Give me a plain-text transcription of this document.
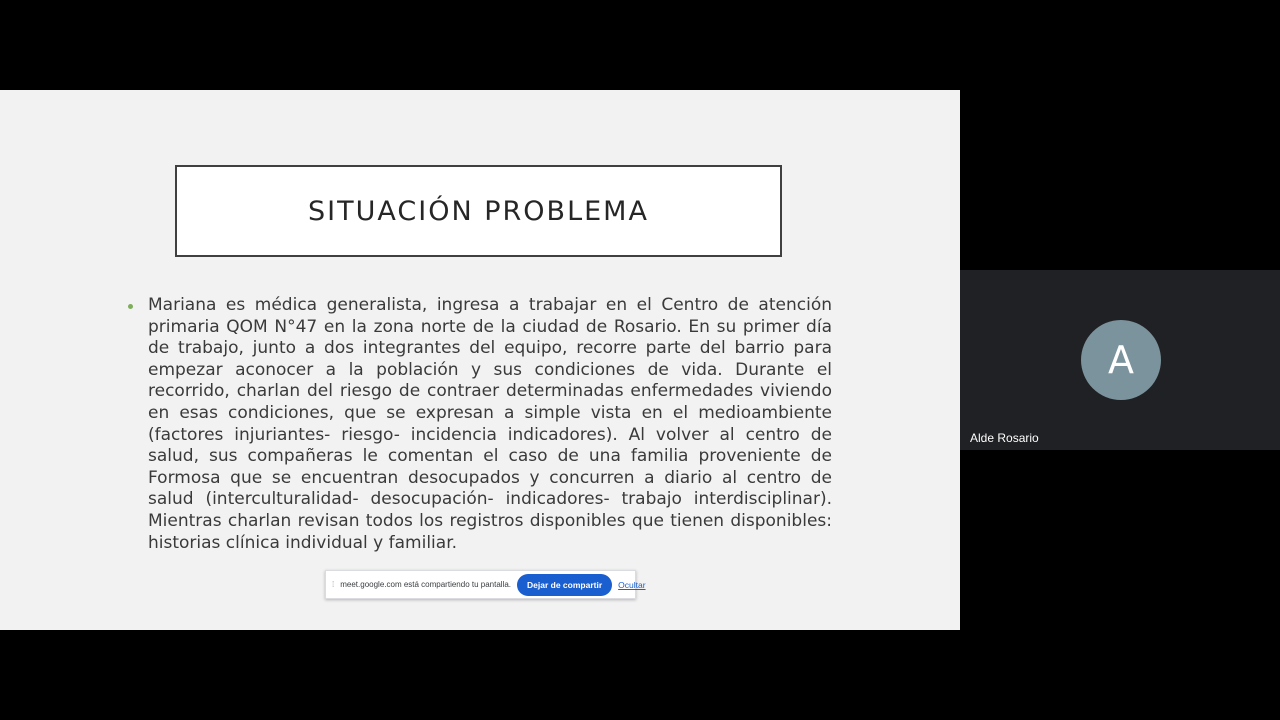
SITUACIÓN PROBLEMA
Mariana es médica generalista, ingresa a trabajar en el Centro de atención primaria QOM N°47 en la zona norte de la ciudad de Rosario. En su primer día de trabajo, junto a dos integrantes del equipo, recorre parte del barrio para empezar aconocer a la población y sus condiciones de vida. Durante el recorrido, charlan del riesgo de contraer determinadas enfermedades viviendo en esas condiciones, que se expresan a simple vista en el medioambiente (factores injuriantes- riesgo- incidencia indicadores). Al volver al centro de salud, sus compañeras le comentan el caso de una familia proveniente de Formosa que se encuentran desocupados y concurren a diario al centro de salud (interculturalidad- desocupación- indicadores- trabajo interdisciplinar). Mientras charlan revisan todos los registros disponibles que tienen disponibles: historias clínica individual y familiar.
⁞ meet.google.com está compartiendo tu pantalla.	Dejar de compartir	Ocultar
A
Alde Rosario
